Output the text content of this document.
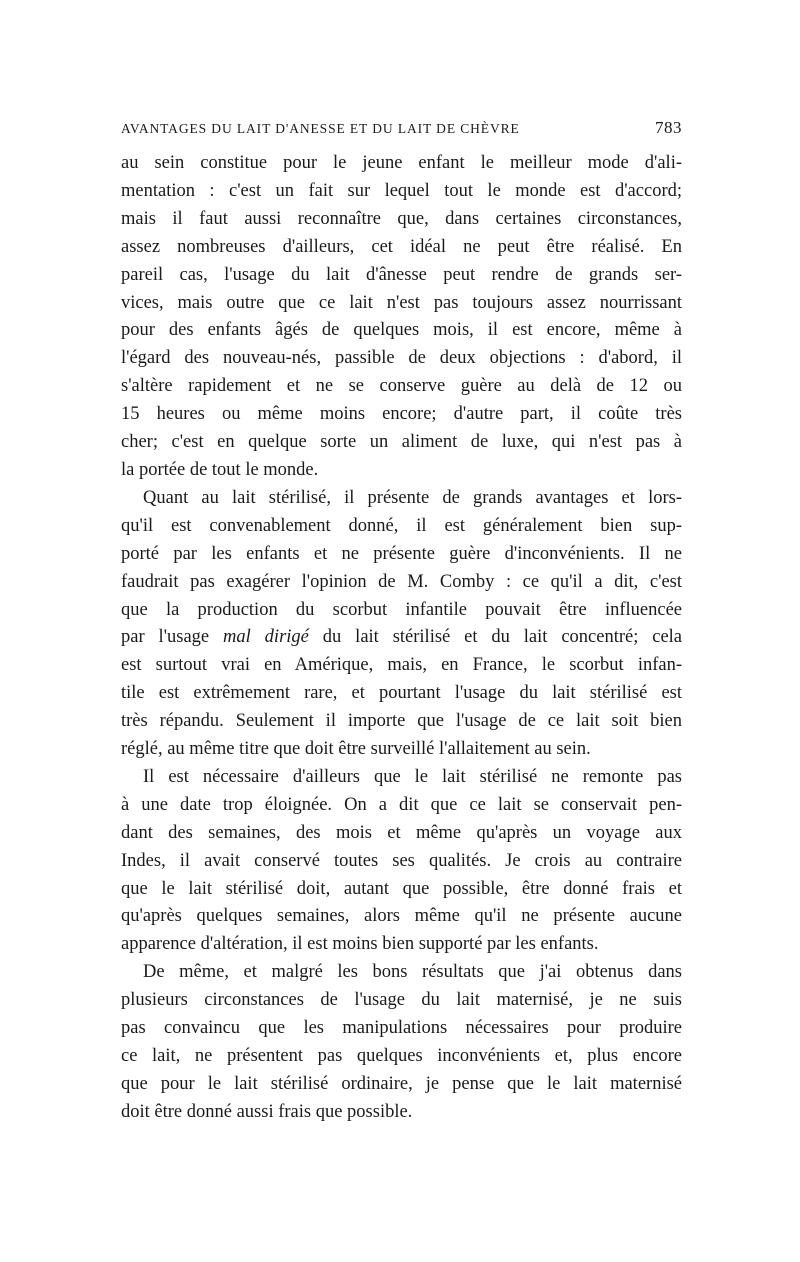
AVANTAGES DU LAIT D'ANESSE ET DU LAIT DE CHÈVRE	783

au sein constitue pour le jeune enfant le meilleur mode d'ali-
mentation : c'est un fait sur lequel tout le monde est d'accord;
mais il faut aussi reconnaître que, dans certaines circonstances,
assez nombreuses d'ailleurs, cet idéal ne peut être réalisé. En
pareil cas, l'usage du lait d'ânesse peut rendre de grands ser-
vices, mais outre que ce lait n'est pas toujours assez nourrissant
pour des enfants âgés de quelques mois, il est encore, même à
l'égard des nouveau-nés, passible de deux objections : d'abord, il
s'altère rapidement et ne se conserve guère au delà de 12 ou
15 heures ou même moins encore; d'autre part, il coûte très
cher; c'est en quelque sorte un aliment de luxe, qui n'est pas à
la portée de tout le monde.

Quant au lait stérilisé, il présente de grands avantages et lors-
qu'il est convenablement donné, il est généralement bien sup-
porté par les enfants et ne présente guère d'inconvénients. Il ne
faudrait pas exagérer l'opinion de M. Comby : ce qu'il a dit, c'est
que la production du scorbut infantile pouvait être influencée
par l'usage mal dirigé du lait stérilisé et du lait concentré; cela
est surtout vrai en Amérique, mais, en France, le scorbut infan-
tile est extrêmement rare, et pourtant l'usage du lait stérilisé est
très répandu. Seulement il importe que l'usage de ce lait soit bien
réglé, au même titre que doit être surveillé l'allaitement au sein.

Il est nécessaire d'ailleurs que le lait stérilisé ne remonte pas
à une date trop éloignée. On a dit que ce lait se conservait pen-
dant des semaines, des mois et même qu'après un voyage aux
Indes, il avait conservé toutes ses qualités. Je crois au contraire
que le lait stérilisé doit, autant que possible, être donné frais et
qu'après quelques semaines, alors même qu'il ne présente aucune
apparence d'altération, il est moins bien supporté par les enfants.

De même, et malgré les bons résultats que j'ai obtenus dans
plusieurs circonstances de l'usage du lait maternisé, je ne suis
pas convaincu que les manipulations nécessaires pour produire
ce lait, ne présentent pas quelques inconvénients et, plus encore
que pour le lait stérilisé ordinaire, je pense que le lait maternisé
doit être donné aussi frais que possible.
